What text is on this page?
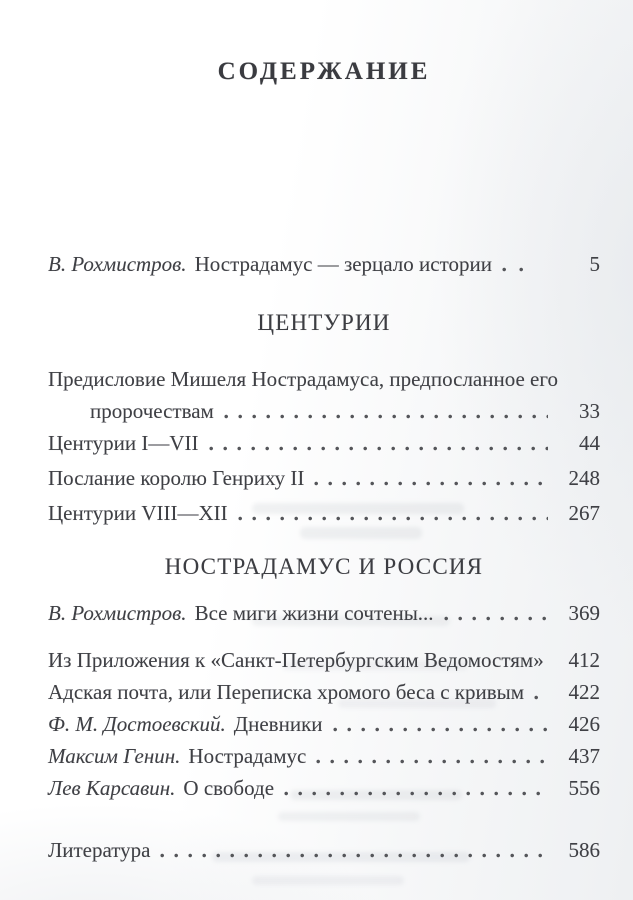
СОДЕРЖАНИЕ
В. Рохмистров. Нострадамус — зерцало истории	5
ЦЕНТУРИИ
Предисловие Мишеля Нострадамуса, предпосланное его
пророчествам	33
Центурии I—VII	44
Послание королю Генриху II	248
Центурии VIII—XII	267
НОСТРАДАМУС И РОССИЯ
В. Рохмистров. Все миги жизни сочтены...	369
Из Приложения к «Санкт-Петербургским Ведомостям»	412
Адская почта, или Переписка хромого беса с кривым	422
Ф. М. Достоевский. Дневники	426
Максим Генин. Нострадамус	437
Лев Карсавин. О свободе	556
Литература	586
